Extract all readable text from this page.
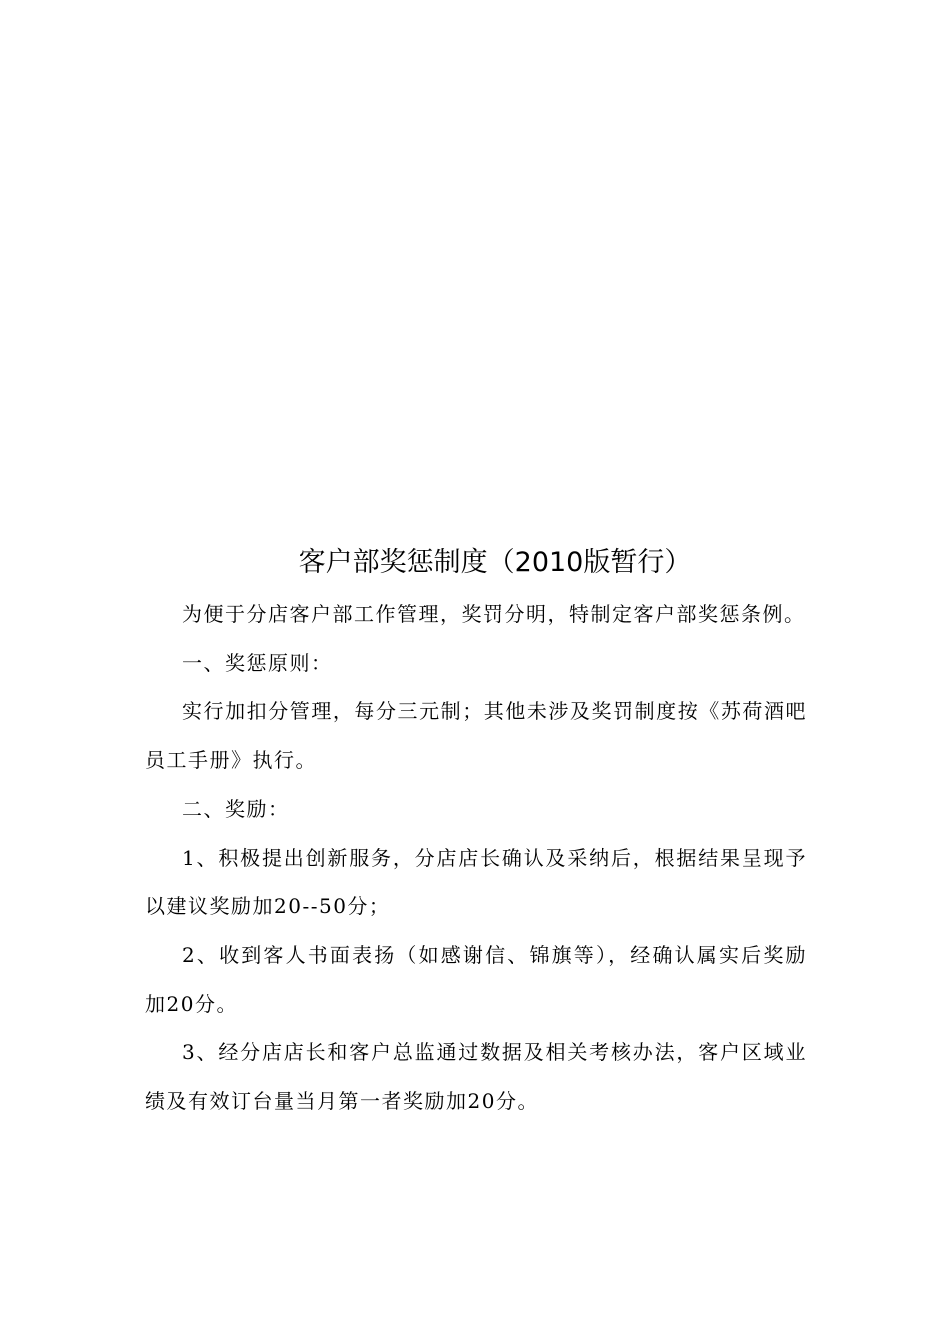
客户部奖惩制度（2010版暂行）

为便于分店客户部工作管理，奖罚分明，特制定客户部奖惩条例。

一、奖惩原则：

实行加扣分管理，每分三元制；其他未涉及奖罚制度按《苏荷酒吧员工手册》执行。

二、奖励：

1、积极提出创新服务，分店店长确认及采纳后，根据结果呈现予以建议奖励加20--50分；

2、收到客人书面表扬（如感谢信、锦旗等），经确认属实后奖励加20分。

3、经分店店长和客户总监通过数据及相关考核办法，客户区域业绩及有效订台量当月第一者奖励加20分。
